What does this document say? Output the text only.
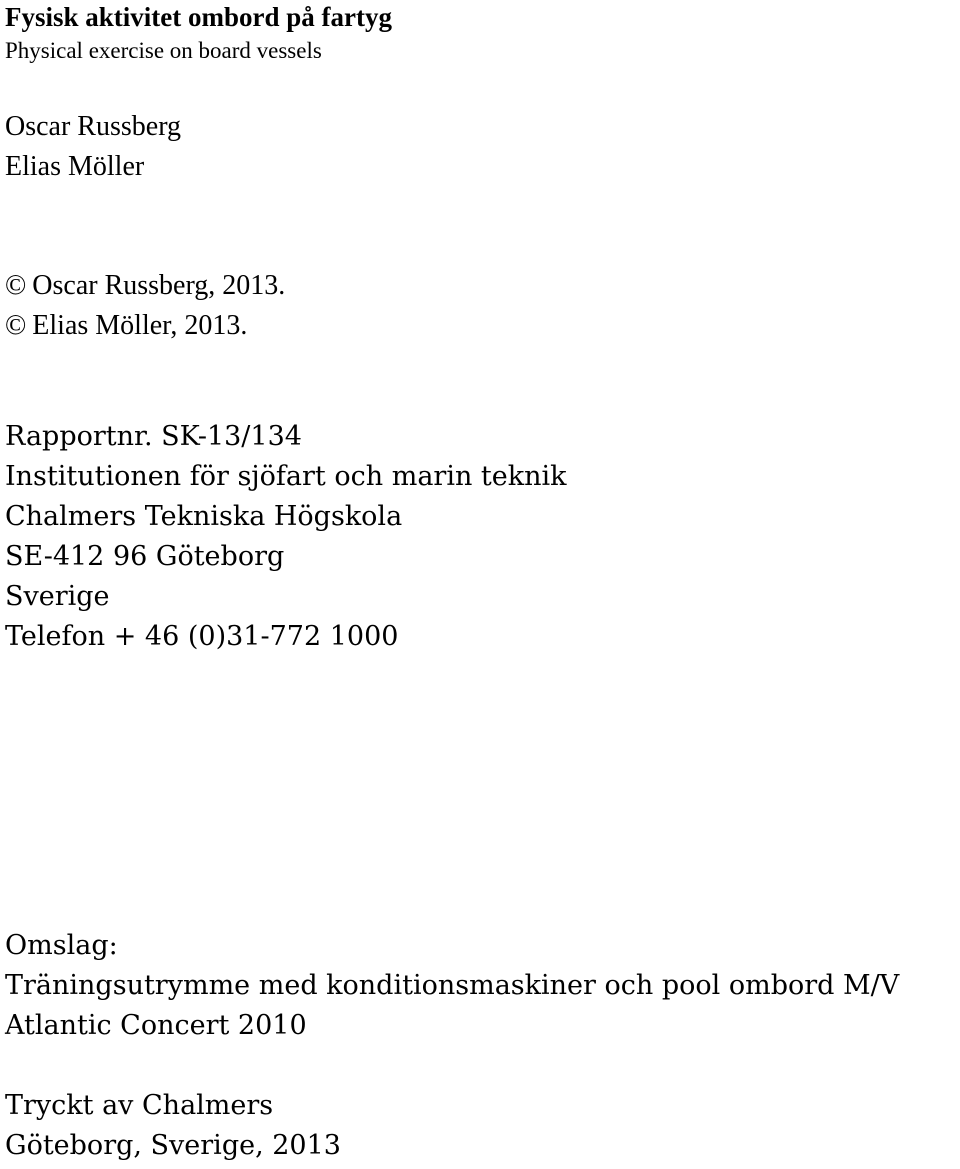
Fysisk aktivitet ombord på fartyg

Physical exercise on board vessels

Oscar Russberg

Elias Möller

© Oscar Russberg, 2013.

© Elias Möller, 2013.

Rapportnr. SK-13/134

Institutionen för sjöfart och marin teknik

Chalmers Tekniska Högskola

SE-412 96 Göteborg

Sverige

Telefon + 46 (0)31-772 1000

Omslag:

Träningsutrymme med konditionsmaskiner och pool ombord M/V

Atlantic Concert 2010

Tryckt av Chalmers

Göteborg, Sverige, 2013
